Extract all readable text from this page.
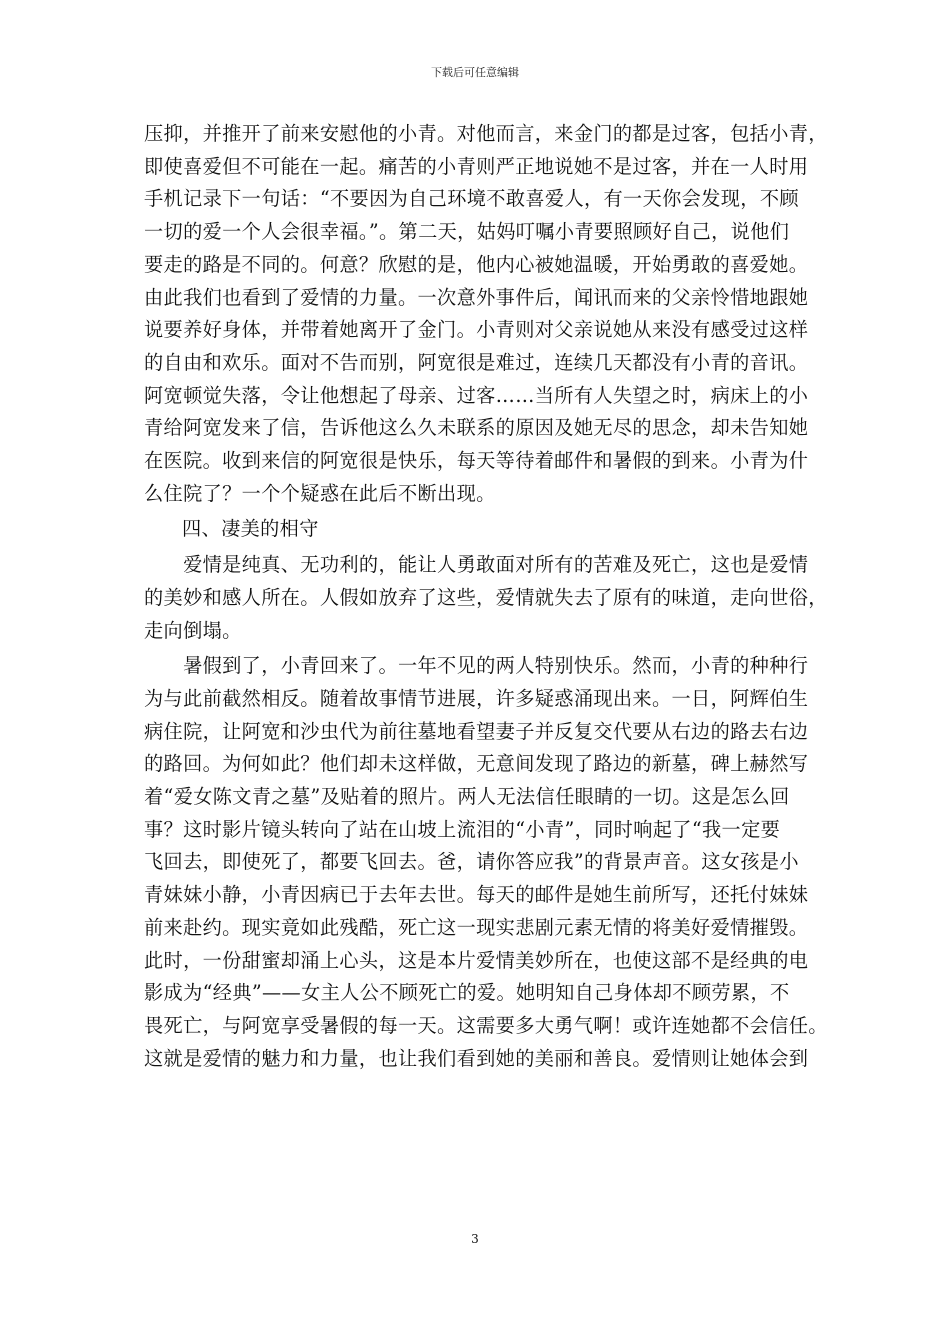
下载后可任意编辑
压抑，并推开了前来安慰他的小青。对他而言，来金门的都是过客，包括小青，
即使喜爱但不可能在一起。痛苦的小青则严正地说她不是过客，并在一人时用
手机记录下一句话：“不要因为自己环境不敢喜爱人，有一天你会发现，不顾
一切的爱一个人会很幸福。”。第二天，姑妈叮嘱小青要照顾好自己，说他们
要走的路是不同的。何意？欣慰的是，他内心被她温暖，开始勇敢的喜爱她。
由此我们也看到了爱情的力量。一次意外事件后，闻讯而来的父亲怜惜地跟她
说要养好身体，并带着她离开了金门。小青则对父亲说她从来没有感受过这样
的自由和欢乐。面对不告而别，阿宽很是难过，连续几天都没有小青的音讯。
阿宽顿觉失落，令让他想起了母亲、过客……当所有人失望之时，病床上的小
青给阿宽发来了信，告诉他这么久未联系的原因及她无尽的思念，却未告知她
在医院。收到来信的阿宽很是快乐，每天等待着邮件和暑假的到来。小青为什
么住院了？一个个疑惑在此后不断出现。
四、凄美的相守
　　爱情是纯真、无功利的，能让人勇敢面对所有的苦难及死亡，这也是爱情
的美妙和感人所在。人假如放弃了这些，爱情就失去了原有的味道，走向世俗，
走向倒塌。
　　暑假到了，小青回来了。一年不见的两人特别快乐。然而，小青的种种行
为与此前截然相反。随着故事情节进展，许多疑惑涌现出来。一日，阿辉伯生
病住院，让阿宽和沙虫代为前往墓地看望妻子并反复交代要从右边的路去右边
的路回。为何如此？他们却未这样做，无意间发现了路边的新墓，碑上赫然写
着“爱女陈文青之墓”及贴着的照片。两人无法信任眼睛的一切。这是怎么回
事？这时影片镜头转向了站在山坡上流泪的“小青”，同时响起了“我一定要
飞回去，即使死了，都要飞回去。爸，请你答应我”的背景声音。这女孩是小
青妹妹小静，小青因病已于去年去世。每天的邮件是她生前所写，还托付妹妹
前来赴约。现实竟如此残酷，死亡这一现实悲剧元素无情的将美好爱情摧毁。
此时，一份甜蜜却涌上心头，这是本片爱情美妙所在，也使这部不是经典的电
影成为“经典”——女主人公不顾死亡的爱。她明知自己身体却不顾劳累，不
畏死亡，与阿宽享受暑假的每一天。这需要多大勇气啊！或许连她都不会信任。
这就是爱情的魅力和力量，也让我们看到她的美丽和善良。爱情则让她体会到
3
